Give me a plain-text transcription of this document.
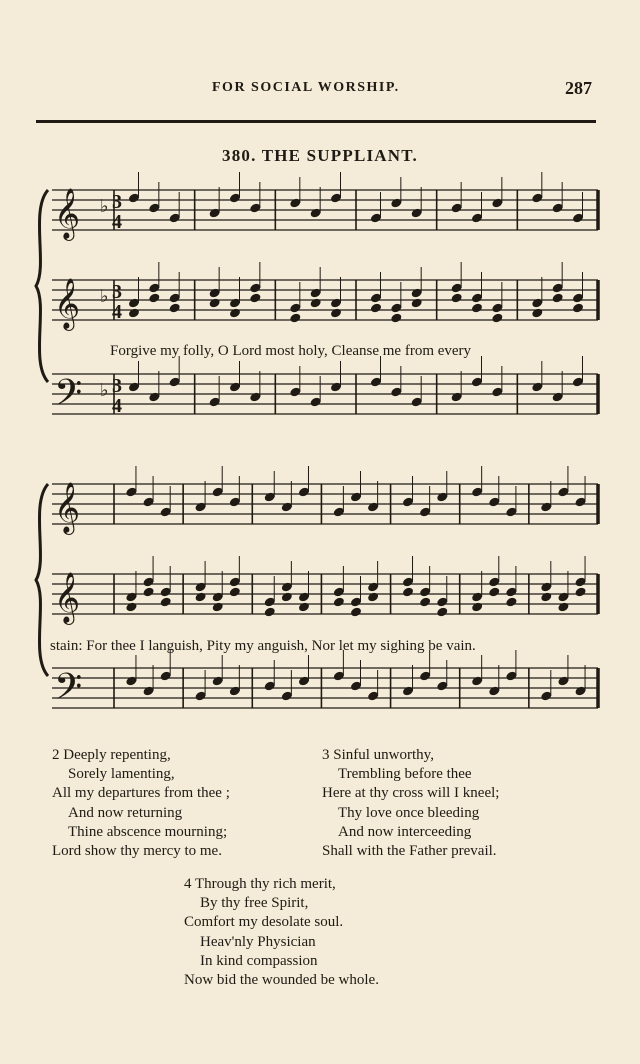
FOR SOCIAL WORSHIP.	287
380. THE SUPPLIANT.
𝄞
𝄞
𝄢
♭ 3
4
♭ 3
4
♭ 3
4
𝄞
𝄞
𝄢
Forgive my folly, O Lord most holy, Cleanse me from every
stain: For thee I languish, Pity my anguish, Nor let my sighing be vain.
2 Deeply repenting,
Sorely lamenting,
All my departures from thee ;
And now returning
Thine abscence mourning;
Lord show thy mercy to me.
3 Sinful unworthy,
Trembling before thee
Here at thy cross will I kneel;
Thy love once bleeding
And now interceeding
Shall with the Father prevail.
4 Through thy rich merit,
By thy free Spirit,
Comfort my desolate soul.
Heav'nly Physician
In kind compassion
Now bid the wounded be whole.
